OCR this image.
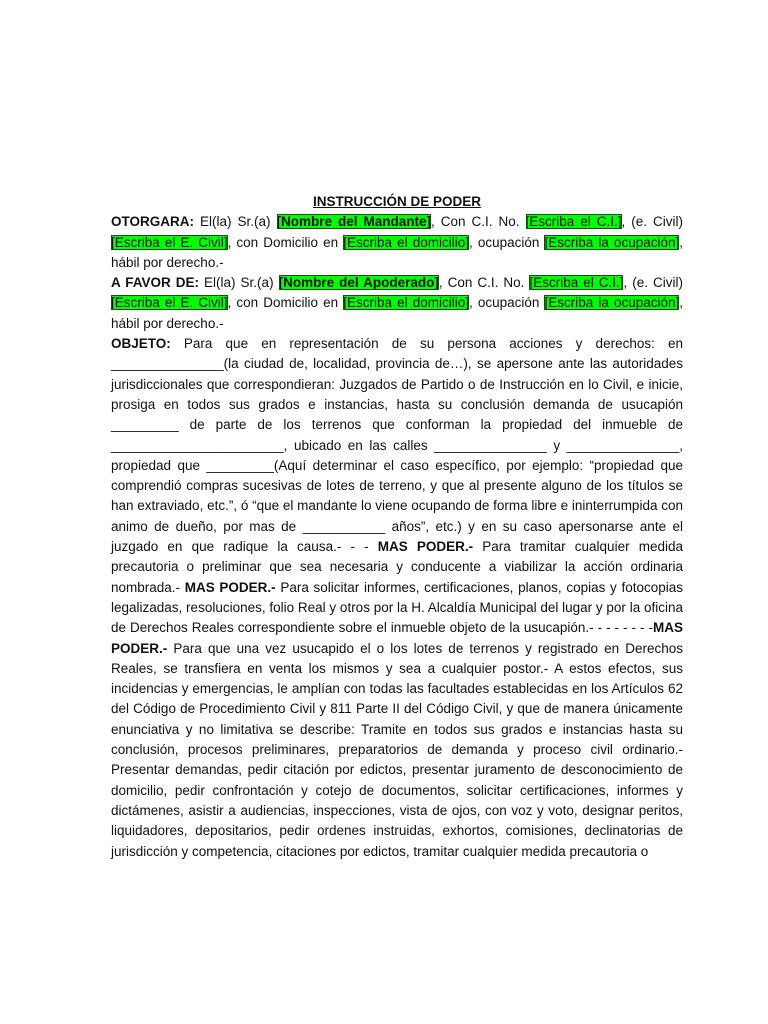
INSTRUCCIÓN DE PODER

OTORGARA: El(la) Sr.(a) [Nombre del Mandante], Con C.I. No. [Escriba el C.I.], (e. Civil) [Escriba el E. Civil], con Domicilio en [Escriba el domicilio], ocupación [Escriba la ocupación], hábil por derecho.-

A FAVOR DE: El(la) Sr.(a) [Nombre del Apoderado], Con C.I. No. [Escriba el C.I.], (e. Civil)[Escriba el E. Civil], con Domicilio en [Escriba el domicilio], ocupación [Escriba la ocupación], hábil por derecho.-

OBJETO: Para que en representación de su persona acciones y derechos: en _______________(la ciudad de, localidad, provincia de…), se apersone ante las autoridades jurisdiccionales que correspondieran: Juzgados de Partido o de Instrucción en lo Civil, e inicie, prosiga en todos sus grados e instancias, hasta su conclusión demanda de usucapión _________ de parte de los terrenos que conforman la propiedad del inmueble de _______________________, ubicado en las calles _______________ y _______________, propiedad que _________(Aquí determinar el caso específico, por ejemplo: “propiedad que comprendió compras sucesivas de lotes de terreno, y que al presente alguno de los títulos se han extraviado, etc.”, ó “que el mandante lo viene ocupando de forma libre e ininterrumpida con animo de dueño, por mas de ___________ años”, etc.) y en su caso apersonarse ante el juzgado en que radique la causa.- - - MAS PODER.- Para tramitar cualquier medida precautoria o preliminar que sea necesaria y conducente a viabilizar la acción ordinaria nombrada.- MAS PODER.- Para solicitar informes, certificaciones, planos, copias y fotocopias legalizadas, resoluciones, folio Real y otros por la H. Alcaldía Municipal del lugar y por la oficina de Derechos Reales correspondiente sobre el inmueble objeto de la usucapión.- - - - - - - -MAS PODER.- Para que una vez usucapido el o los lotes de terrenos y registrado en Derechos Reales, se transfiera en venta los mismos y sea a cualquier postor.- A estos efectos, sus incidencias y emergencias, le amplían con todas las facultades establecidas en los Artículos 62 del Código de Procedimiento Civil y 811 Parte II del Código Civil, y que de manera únicamente enunciativa y no limitativa se describe: Tramite en todos sus grados e instancias hasta su conclusión, procesos preliminares, preparatorios de demanda y proceso civil ordinario.- Presentar demandas, pedir citación por edictos, presentar juramento de desconocimiento de domicilio, pedir confrontación y cotejo de documentos, solicitar certificaciones, informes y dictámenes, asistir a audiencias, inspecciones, vista de ojos, con voz y voto, designar peritos, liquidadores, depositarios, pedir ordenes instruidas, exhortos, comisiones, declinatorias de jurisdicción y competencia, citaciones por edictos, tramitar cualquier medida precautoria o
